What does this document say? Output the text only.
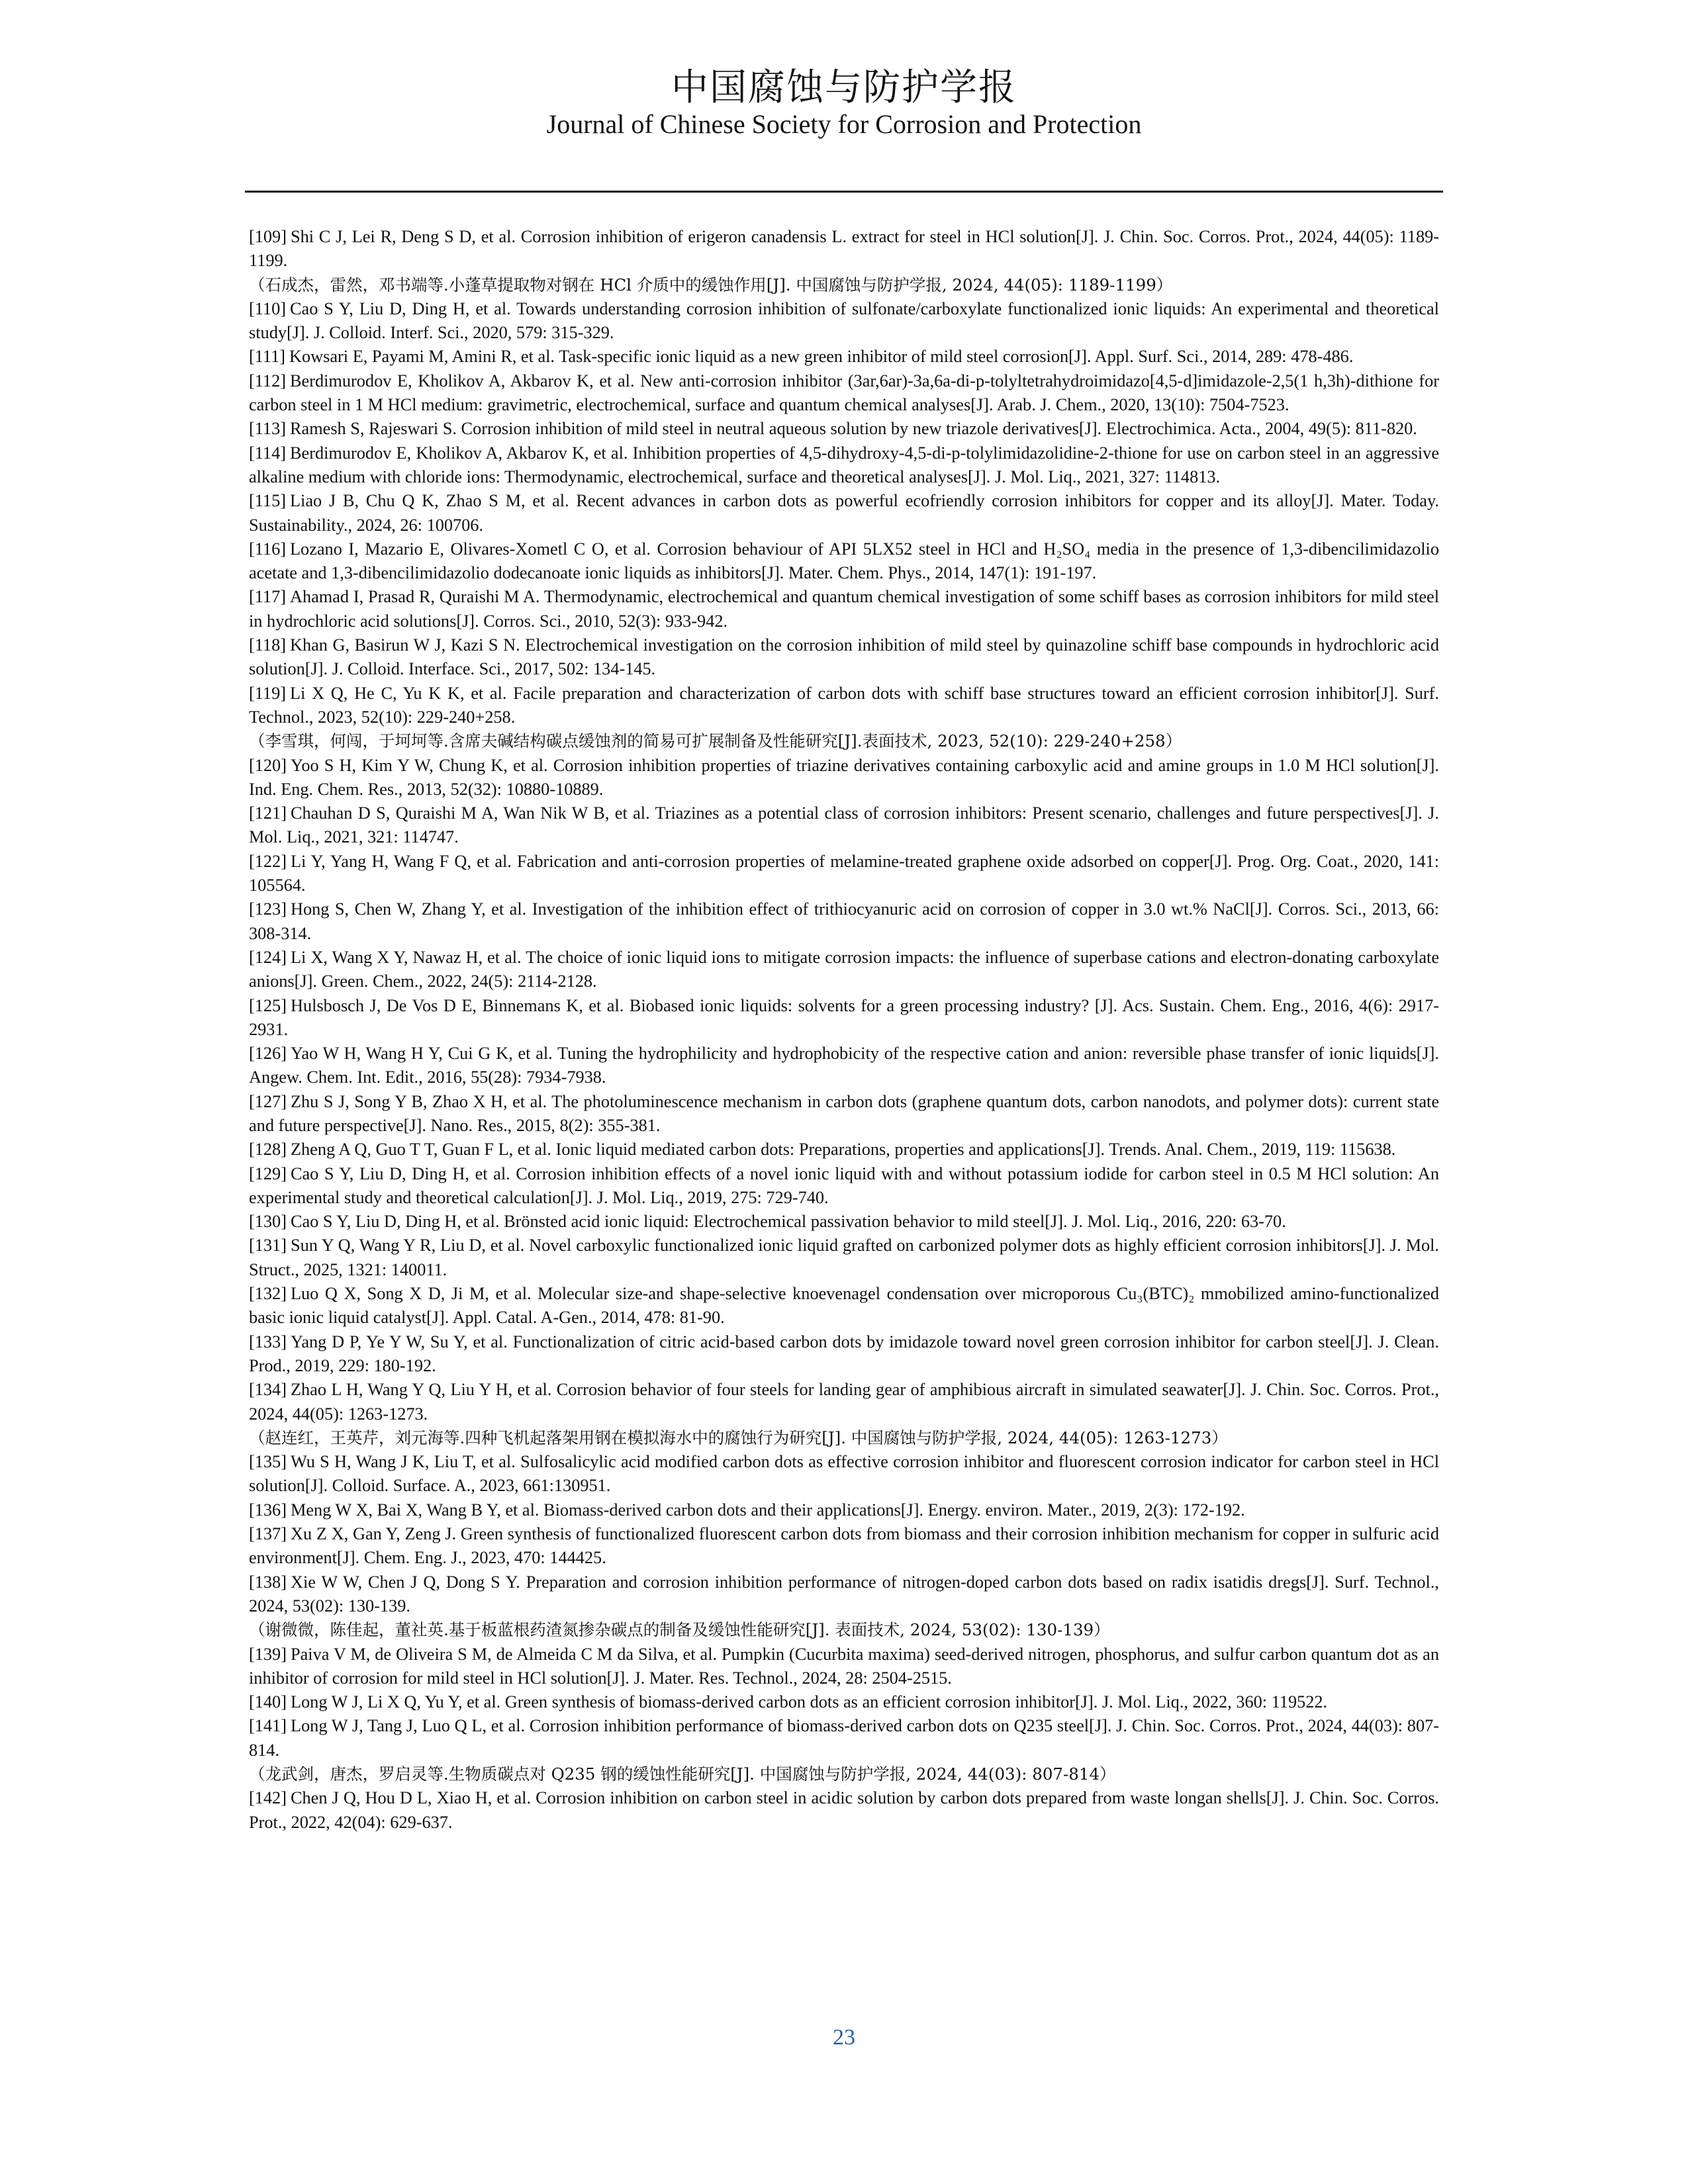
中国腐蚀与防护学报
Journal of Chinese Society for Corrosion and Protection

[109] Shi C J, Lei R, Deng S D, et al. Corrosion inhibition of erigeron canadensis L. extract for steel in HCl solution[J]. J. Chin. Soc. Corros. Prot., 2024, 44(05): 1189-1199.

（石成杰，雷然，邓书端等.小蓬草提取物对钢在 HCl 介质中的缓蚀作用[J]. 中国腐蚀与防护学报, 2024, 44(05): 1189-1199）

[110] Cao S Y, Liu D, Ding H, et al. Towards understanding corrosion inhibition of sulfonate/carboxylate functionalized ionic liquids: An experimental and theoretical study[J]. J. Colloid. Interf. Sci., 2020, 579: 315-329.

[111] Kowsari E, Payami M, Amini R, et al. Task-specific ionic liquid as a new green inhibitor of mild steel corrosion[J]. Appl. Surf. Sci., 2014, 289: 478-486.

[112] Berdimurodov E, Kholikov A, Akbarov K, et al. New anti-corrosion inhibitor (3ar,6ar)-3a,6a-di-p-tolyltetrahydroimidazo[4,5-d]imidazole-2,5(1 h,3h)-dithione for carbon steel in 1 M HCl medium: gravimetric, electrochemical, surface and quantum chemical analyses[J]. Arab. J. Chem., 2020, 13(10): 7504-7523.

[113] Ramesh S, Rajeswari S. Corrosion inhibition of mild steel in neutral aqueous solution by new triazole derivatives[J]. Electrochimica. Acta., 2004, 49(5): 811-820.

[114] Berdimurodov E, Kholikov A, Akbarov K, et al. Inhibition properties of 4,5-dihydroxy-4,5-di-p-tolylimidazolidine-2-thione for use on carbon steel in an aggressive alkaline medium with chloride ions: Thermodynamic, electrochemical, surface and theoretical analyses[J]. J. Mol. Liq., 2021, 327: 114813.

[115] Liao J B, Chu Q K, Zhao S M, et al. Recent advances in carbon dots as powerful ecofriendly corrosion inhibitors for copper and its alloy[J]. Mater. Today. Sustainability., 2024, 26: 100706.

[116] Lozano I, Mazario E, Olivares-Xometl C O, et al. Corrosion behaviour of API 5LX52 steel in HCl and H₂SO₄ media in the presence of 1,3-dibencilimidazolio acetate and 1,3-dibencilimidazolio dodecanoate ionic liquids as inhibitors[J]. Mater. Chem. Phys., 2014, 147(1): 191-197.

[117] Ahamad I, Prasad R, Quraishi M A. Thermodynamic, electrochemical and quantum chemical investigation of some schiff bases as corrosion inhibitors for mild steel in hydrochloric acid solutions[J]. Corros. Sci., 2010, 52(3): 933-942.

[118] Khan G, Basirun W J, Kazi S N. Electrochemical investigation on the corrosion inhibition of mild steel by quinazoline schiff base compounds in hydrochloric acid solution[J]. J. Colloid. Interface. Sci., 2017, 502: 134-145.

[119] Li X Q, He C, Yu K K, et al. Facile preparation and characterization of carbon dots with schiff base structures toward an efficient corrosion inhibitor[J]. Surf. Technol., 2023, 52(10): 229-240+258.

（李雪琪，何闯，于坷坷等.含席夫碱结构碳点缓蚀剂的简易可扩展制备及性能研究[J].表面技术, 2023, 52(10): 229-240+258）

[120] Yoo S H, Kim Y W, Chung K, et al. Corrosion inhibition properties of triazine derivatives containing carboxylic acid and amine groups in 1.0 M HCl solution[J]. Ind. Eng. Chem. Res., 2013, 52(32): 10880-10889.

[121] Chauhan D S, Quraishi M A, Wan Nik W B, et al. Triazines as a potential class of corrosion inhibitors: Present scenario, challenges and future perspectives[J]. J. Mol. Liq., 2021, 321: 114747.

[122] Li Y, Yang H, Wang F Q, et al. Fabrication and anti-corrosion properties of melamine-treated graphene oxide adsorbed on copper[J]. Prog. Org. Coat., 2020, 141: 105564.

[123] Hong S, Chen W, Zhang Y, et al. Investigation of the inhibition effect of trithiocyanuric acid on corrosion of copper in 3.0 wt.% NaCl[J]. Corros. Sci., 2013, 66: 308-314.

[124] Li X, Wang X Y, Nawaz H, et al. The choice of ionic liquid ions to mitigate corrosion impacts: the influence of superbase cations and electron-donating carboxylate anions[J]. Green. Chem., 2022, 24(5): 2114-2128.

[125] Hulsbosch J, De Vos D E, Binnemans K, et al. Biobased ionic liquids: solvents for a green processing industry? [J]. Acs. Sustain. Chem. Eng., 2016, 4(6): 2917-2931.

[126] Yao W H, Wang H Y, Cui G K, et al. Tuning the hydrophilicity and hydrophobicity of the respective cation and anion: reversible phase transfer of ionic liquids[J]. Angew. Chem. Int. Edit., 2016, 55(28): 7934-7938.

[127] Zhu S J, Song Y B, Zhao X H, et al. The photoluminescence mechanism in carbon dots (graphene quantum dots, carbon nanodots, and polymer dots): current state and future perspective[J]. Nano. Res., 2015, 8(2): 355-381.

[128] Zheng A Q, Guo T T, Guan F L, et al. Ionic liquid mediated carbon dots: Preparations, properties and applications[J]. Trends. Anal. Chem., 2019, 119: 115638.

[129] Cao S Y, Liu D, Ding H, et al. Corrosion inhibition effects of a novel ionic liquid with and without potassium iodide for carbon steel in 0.5 M HCl solution: An experimental study and theoretical calculation[J]. J. Mol. Liq., 2019, 275: 729-740.

[130] Cao S Y, Liu D, Ding H, et al. Brönsted acid ionic liquid: Electrochemical passivation behavior to mild steel[J]. J. Mol. Liq., 2016, 220: 63-70.

[131] Sun Y Q, Wang Y R, Liu D, et al. Novel carboxylic functionalized ionic liquid grafted on carbonized polymer dots as highly efficient corrosion inhibitors[J]. J. Mol. Struct., 2025, 1321: 140011.

[132] Luo Q X, Song X D, Ji M, et al. Molecular size-and shape-selective knoevenagel condensation over microporous Cu₃(BTC)₂ mmobilized amino-functionalized basic ionic liquid catalyst[J]. Appl. Catal. A-Gen., 2014, 478: 81-90.

[133] Yang D P, Ye Y W, Su Y, et al. Functionalization of citric acid-based carbon dots by imidazole toward novel green corrosion inhibitor for carbon steel[J]. J. Clean. Prod., 2019, 229: 180-192.

[134] Zhao L H, Wang Y Q, Liu Y H, et al. Corrosion behavior of four steels for landing gear of amphibious aircraft in simulated seawater[J]. J. Chin. Soc. Corros. Prot., 2024, 44(05): 1263-1273.

（赵连红，王英芹，刘元海等.四种飞机起落架用钢在模拟海水中的腐蚀行为研究[J]. 中国腐蚀与防护学报, 2024, 44(05): 1263-1273）

[135] Wu S H, Wang J K, Liu T, et al. Sulfosalicylic acid modified carbon dots as effective corrosion inhibitor and fluorescent corrosion indicator for carbon steel in HCl solution[J]. Colloid. Surface. A., 2023, 661:130951.

[136] Meng W X, Bai X, Wang B Y, et al. Biomass-derived carbon dots and their applications[J]. Energy. environ. Mater., 2019, 2(3): 172-192.

[137] Xu Z X, Gan Y, Zeng J. Green synthesis of functionalized fluorescent carbon dots from biomass and their corrosion inhibition mechanism for copper in sulfuric acid environment[J]. Chem. Eng. J., 2023, 470: 144425.

[138] Xie W W, Chen J Q, Dong S Y. Preparation and corrosion inhibition performance of nitrogen-doped carbon dots based on radix isatidis dregs[J]. Surf. Technol., 2024, 53(02): 130-139.

（谢微微，陈佳起，董社英.基于板蓝根药渣氮掺杂碳点的制备及缓蚀性能研究[J]. 表面技术, 2024, 53(02): 130-139）

[139] Paiva V M, de Oliveira S M, de Almeida C M da Silva, et al. Pumpkin (Cucurbita maxima) seed-derived nitrogen, phosphorus, and sulfur carbon quantum dot as an inhibitor of corrosion for mild steel in HCl solution[J]. J. Mater. Res. Technol., 2024, 28: 2504-2515.

[140] Long W J, Li X Q, Yu Y, et al. Green synthesis of biomass-derived carbon dots as an efficient corrosion inhibitor[J]. J. Mol. Liq., 2022, 360: 119522.

[141] Long W J, Tang J, Luo Q L, et al. Corrosion inhibition performance of biomass-derived carbon dots on Q235 steel[J]. J. Chin. Soc. Corros. Prot., 2024, 44(03): 807-814.

（龙武剑，唐杰，罗启灵等.生物质碳点对 Q235 钢的缓蚀性能研究[J]. 中国腐蚀与防护学报, 2024, 44(03): 807-814）

[142] Chen J Q, Hou D L, Xiao H, et al. Corrosion inhibition on carbon steel in acidic solution by carbon dots prepared from waste longan shells[J]. J. Chin. Soc. Corros. Prot., 2022, 42(04): 629-637.

23
